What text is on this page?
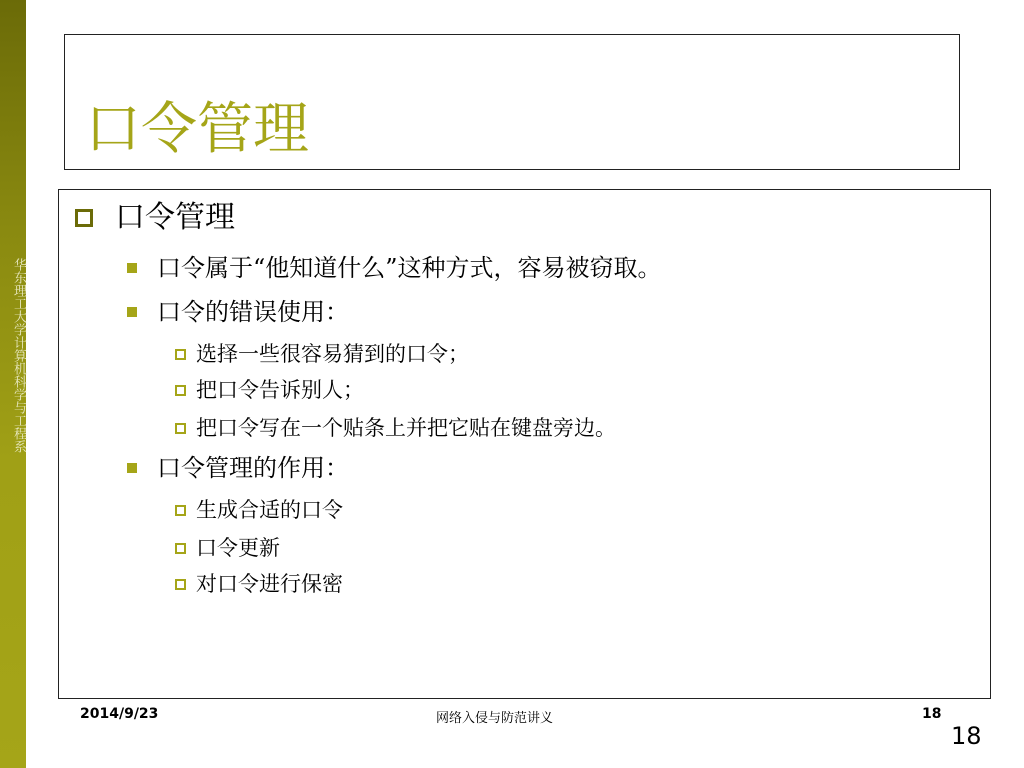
华东理工大学计算机科学与工程系
口令管理
口令管理
口令属于“他知道什么”这种方式，容易被窃取。
口令的错误使用：
选择一些很容易猜到的口令；
把口令告诉别人；
把口令写在一个贴条上并把它贴在键盘旁边。
口令管理的作用：
生成合适的口令
口令更新
对口令进行保密
2014/9/23	网络入侵与防范讲义	18
18
